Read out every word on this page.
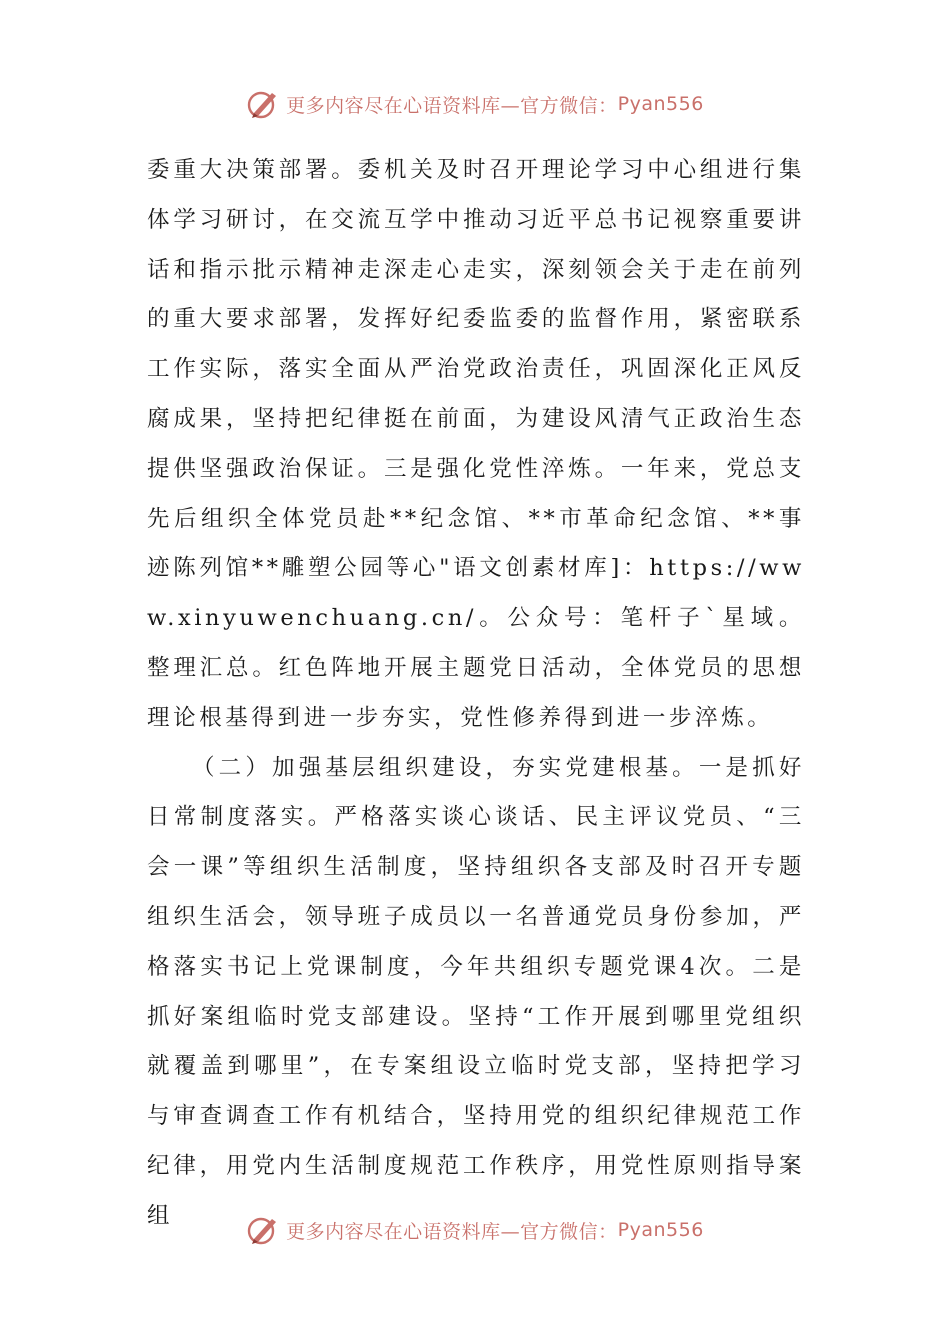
更多内容尽在心语资料库—官方微信： Pyan556

委重大决策部署。委机关及时召开理论学习中心组进行集体学习研讨，在交流互学中推动习近平总书记视察重要讲话和指示批示精神走深走心走实，深刻领会关于走在前列的重大要求部署，发挥好纪委监委的监督作用，紧密联系工作实际，落实全面从严治党政治责任，巩固深化正风反腐成果，坚持把纪律挺在前面，为建设风清气正政治生态提供坚强政治保证。三是强化党性淬炼。一年来，党总支先后组织全体党员赴**纪念馆、**市革命纪念馆、**事迹陈列馆**雕塑公园等心"语文创素材库]：https://www.xinyuwenchuang.cn/。公众号：笔杆子`星域。整理汇总。红色阵地开展主题党日活动，全体党员的思想理论根基得到进一步夯实，党性修养得到进一步淬炼。

（二）加强基层组织建设，夯实党建根基。一是抓好日常制度落实。严格落实谈心谈话、民主评议党员、“三会一课”等组织生活制度，坚持组织各支部及时召开专题组织生活会，领导班子成员以一名普通党员身份参加，严格落实书记上党课制度，今年共组织专题党课4次。二是抓好案组临时党支部建设。坚持“工作开展到哪里党组织就覆盖到哪里”，在专案组设立临时党支部，坚持把学习与审查调查工作有机结合，坚持用党的组织纪律规范工作纪律，用党内生活制度规范工作秩序，用党性原则指导案组

更多内容尽在心语资料库—官方微信： Pyan556
